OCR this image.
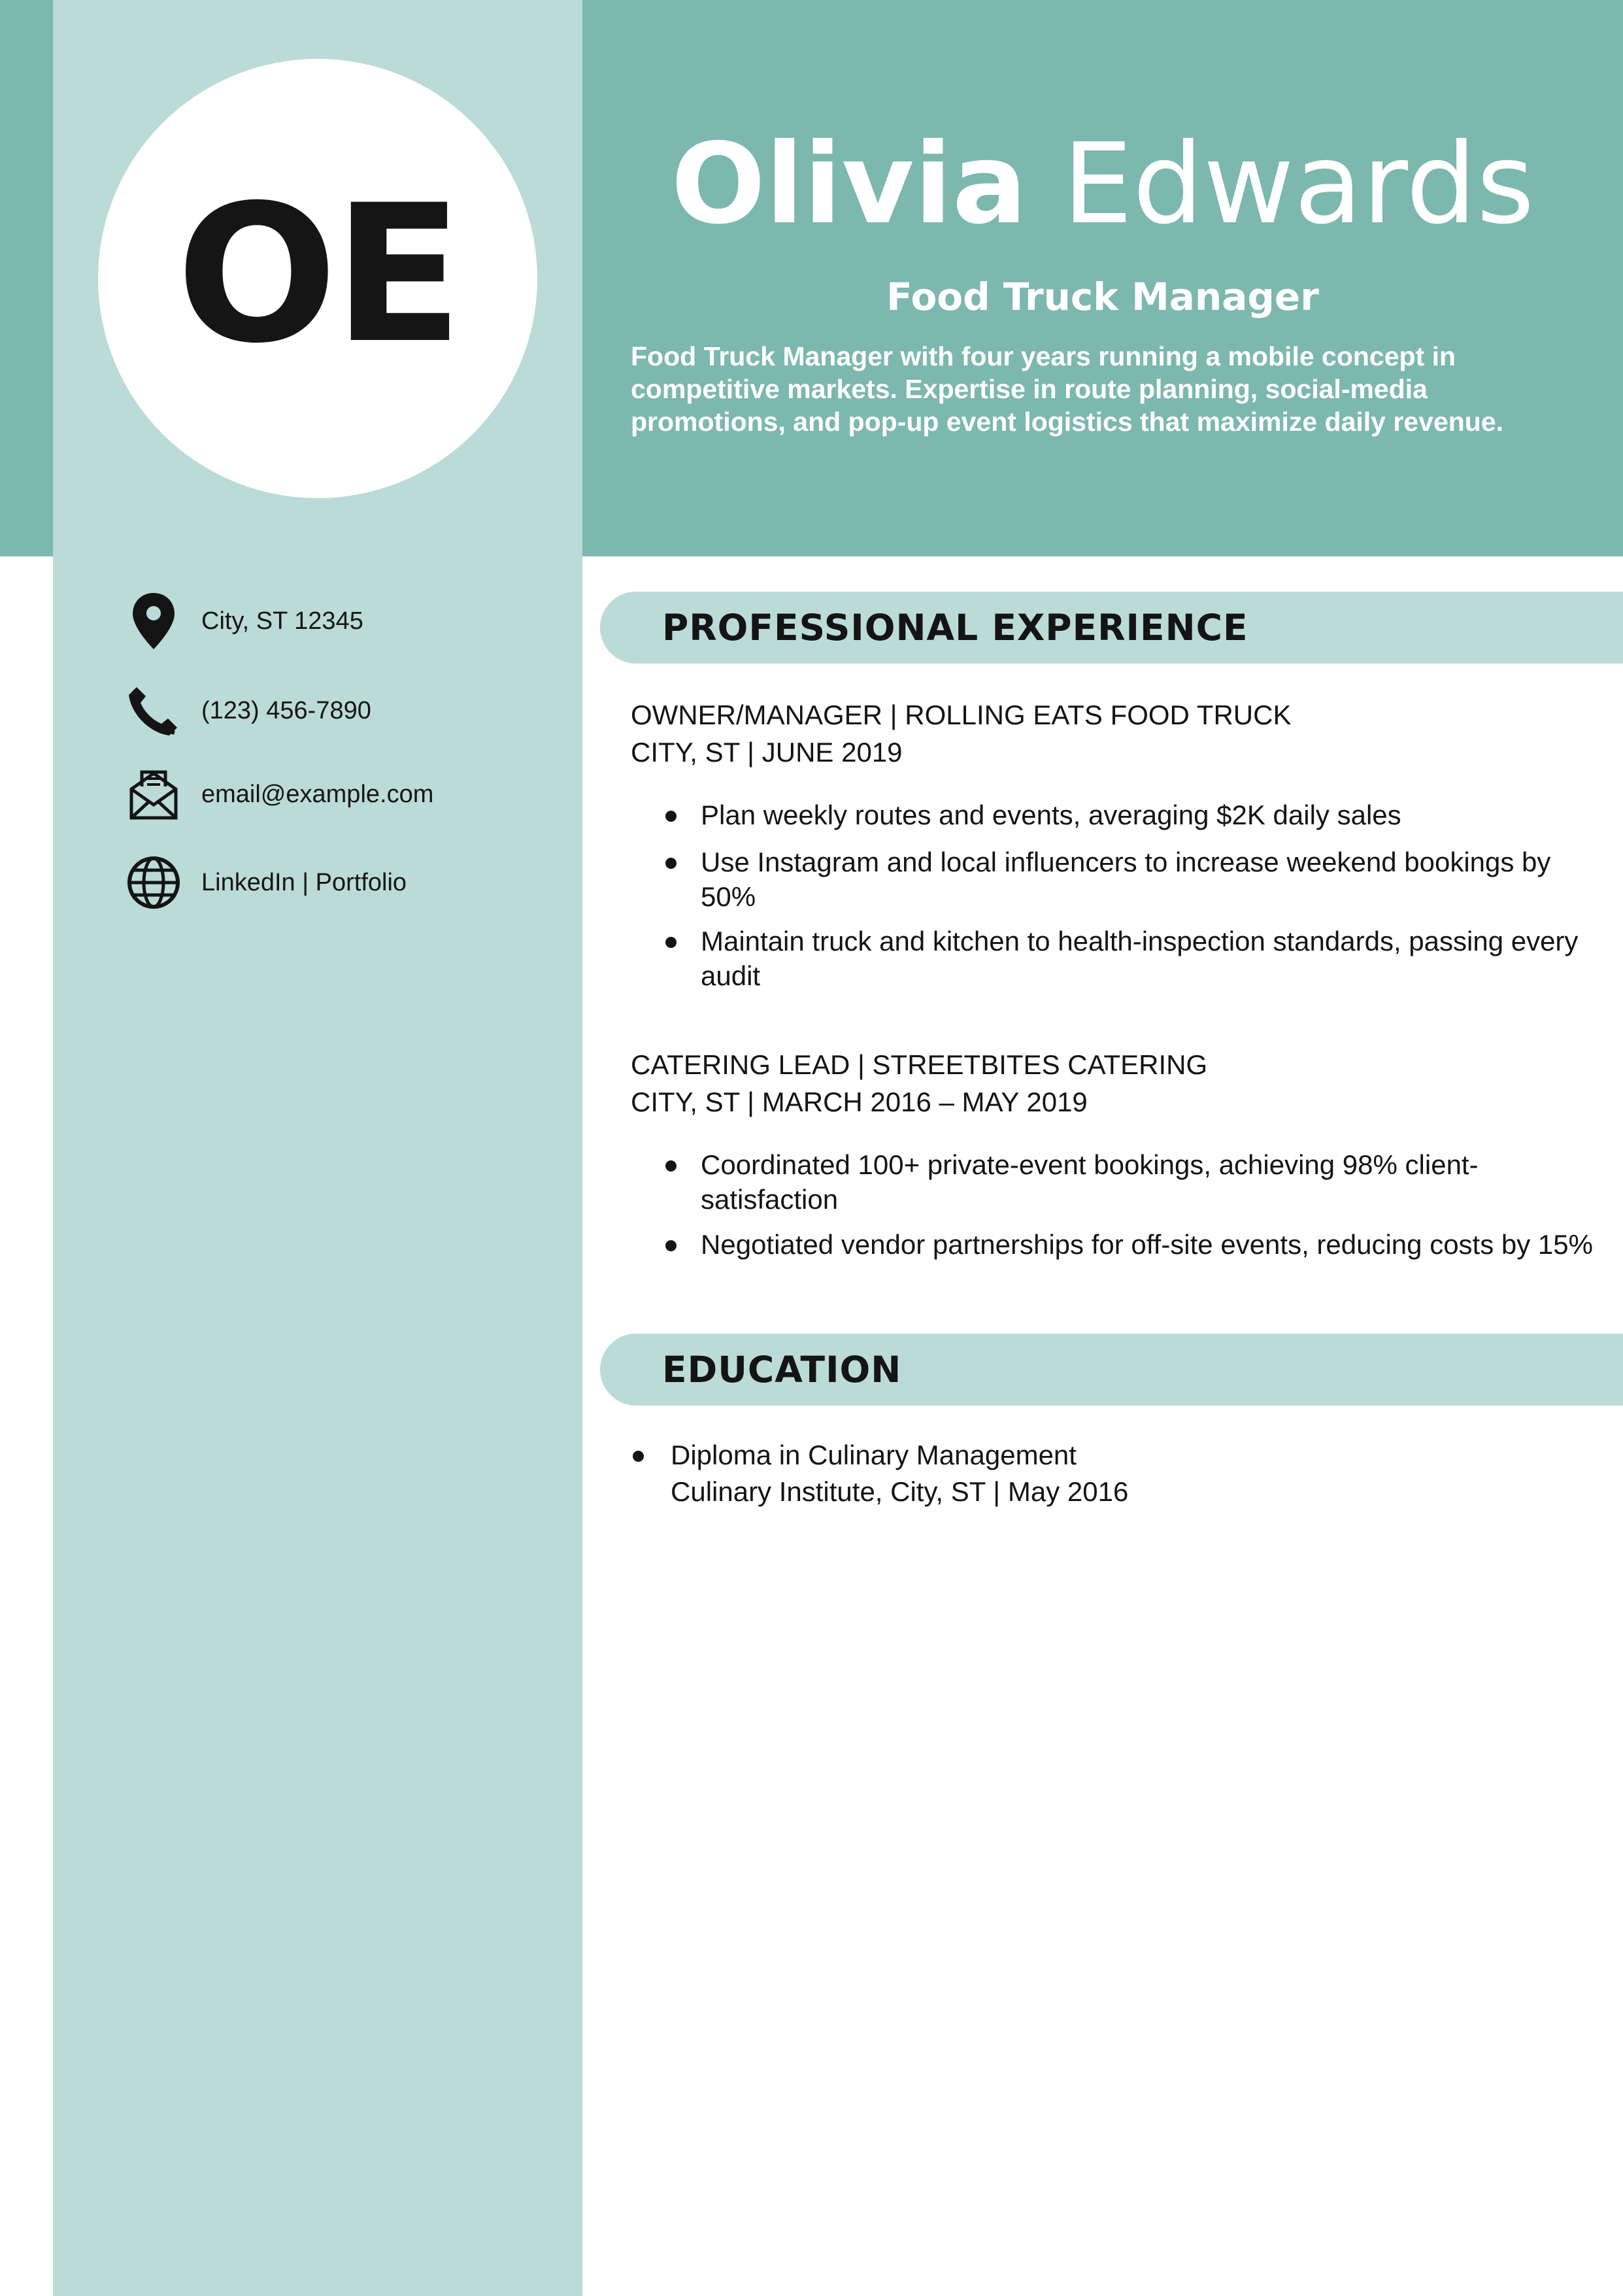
OE	Olivia Edwards
Food Truck Manager
Food Truck Manager with four years running a mobile concept in competitive markets. Expertise in route planning, social-media promotions, and pop-up event logistics that maximize daily revenue.
City, ST 12345
(123) 456-7890
email@example.com
LinkedIn | Portfolio
PROFESSIONAL EXPERIENCE
OWNER/MANAGER | ROLLING EATS FOOD TRUCK
CITY, ST | JUNE 2019
Plan weekly routes and events, averaging $2K daily sales
Use Instagram and local influencers to increase weekend bookings by 50%
Maintain truck and kitchen to health-inspection standards, passing every audit
CATERING LEAD | STREETBITES CATERING
CITY, ST | MARCH 2016 – MAY 2019
Coordinated 100+ private-event bookings, achieving 98% client-satisfaction
Negotiated vendor partnerships for off-site events, reducing costs by 15%
EDUCATION
Diploma in Culinary Management
Culinary Institute, City, ST | May 2016
